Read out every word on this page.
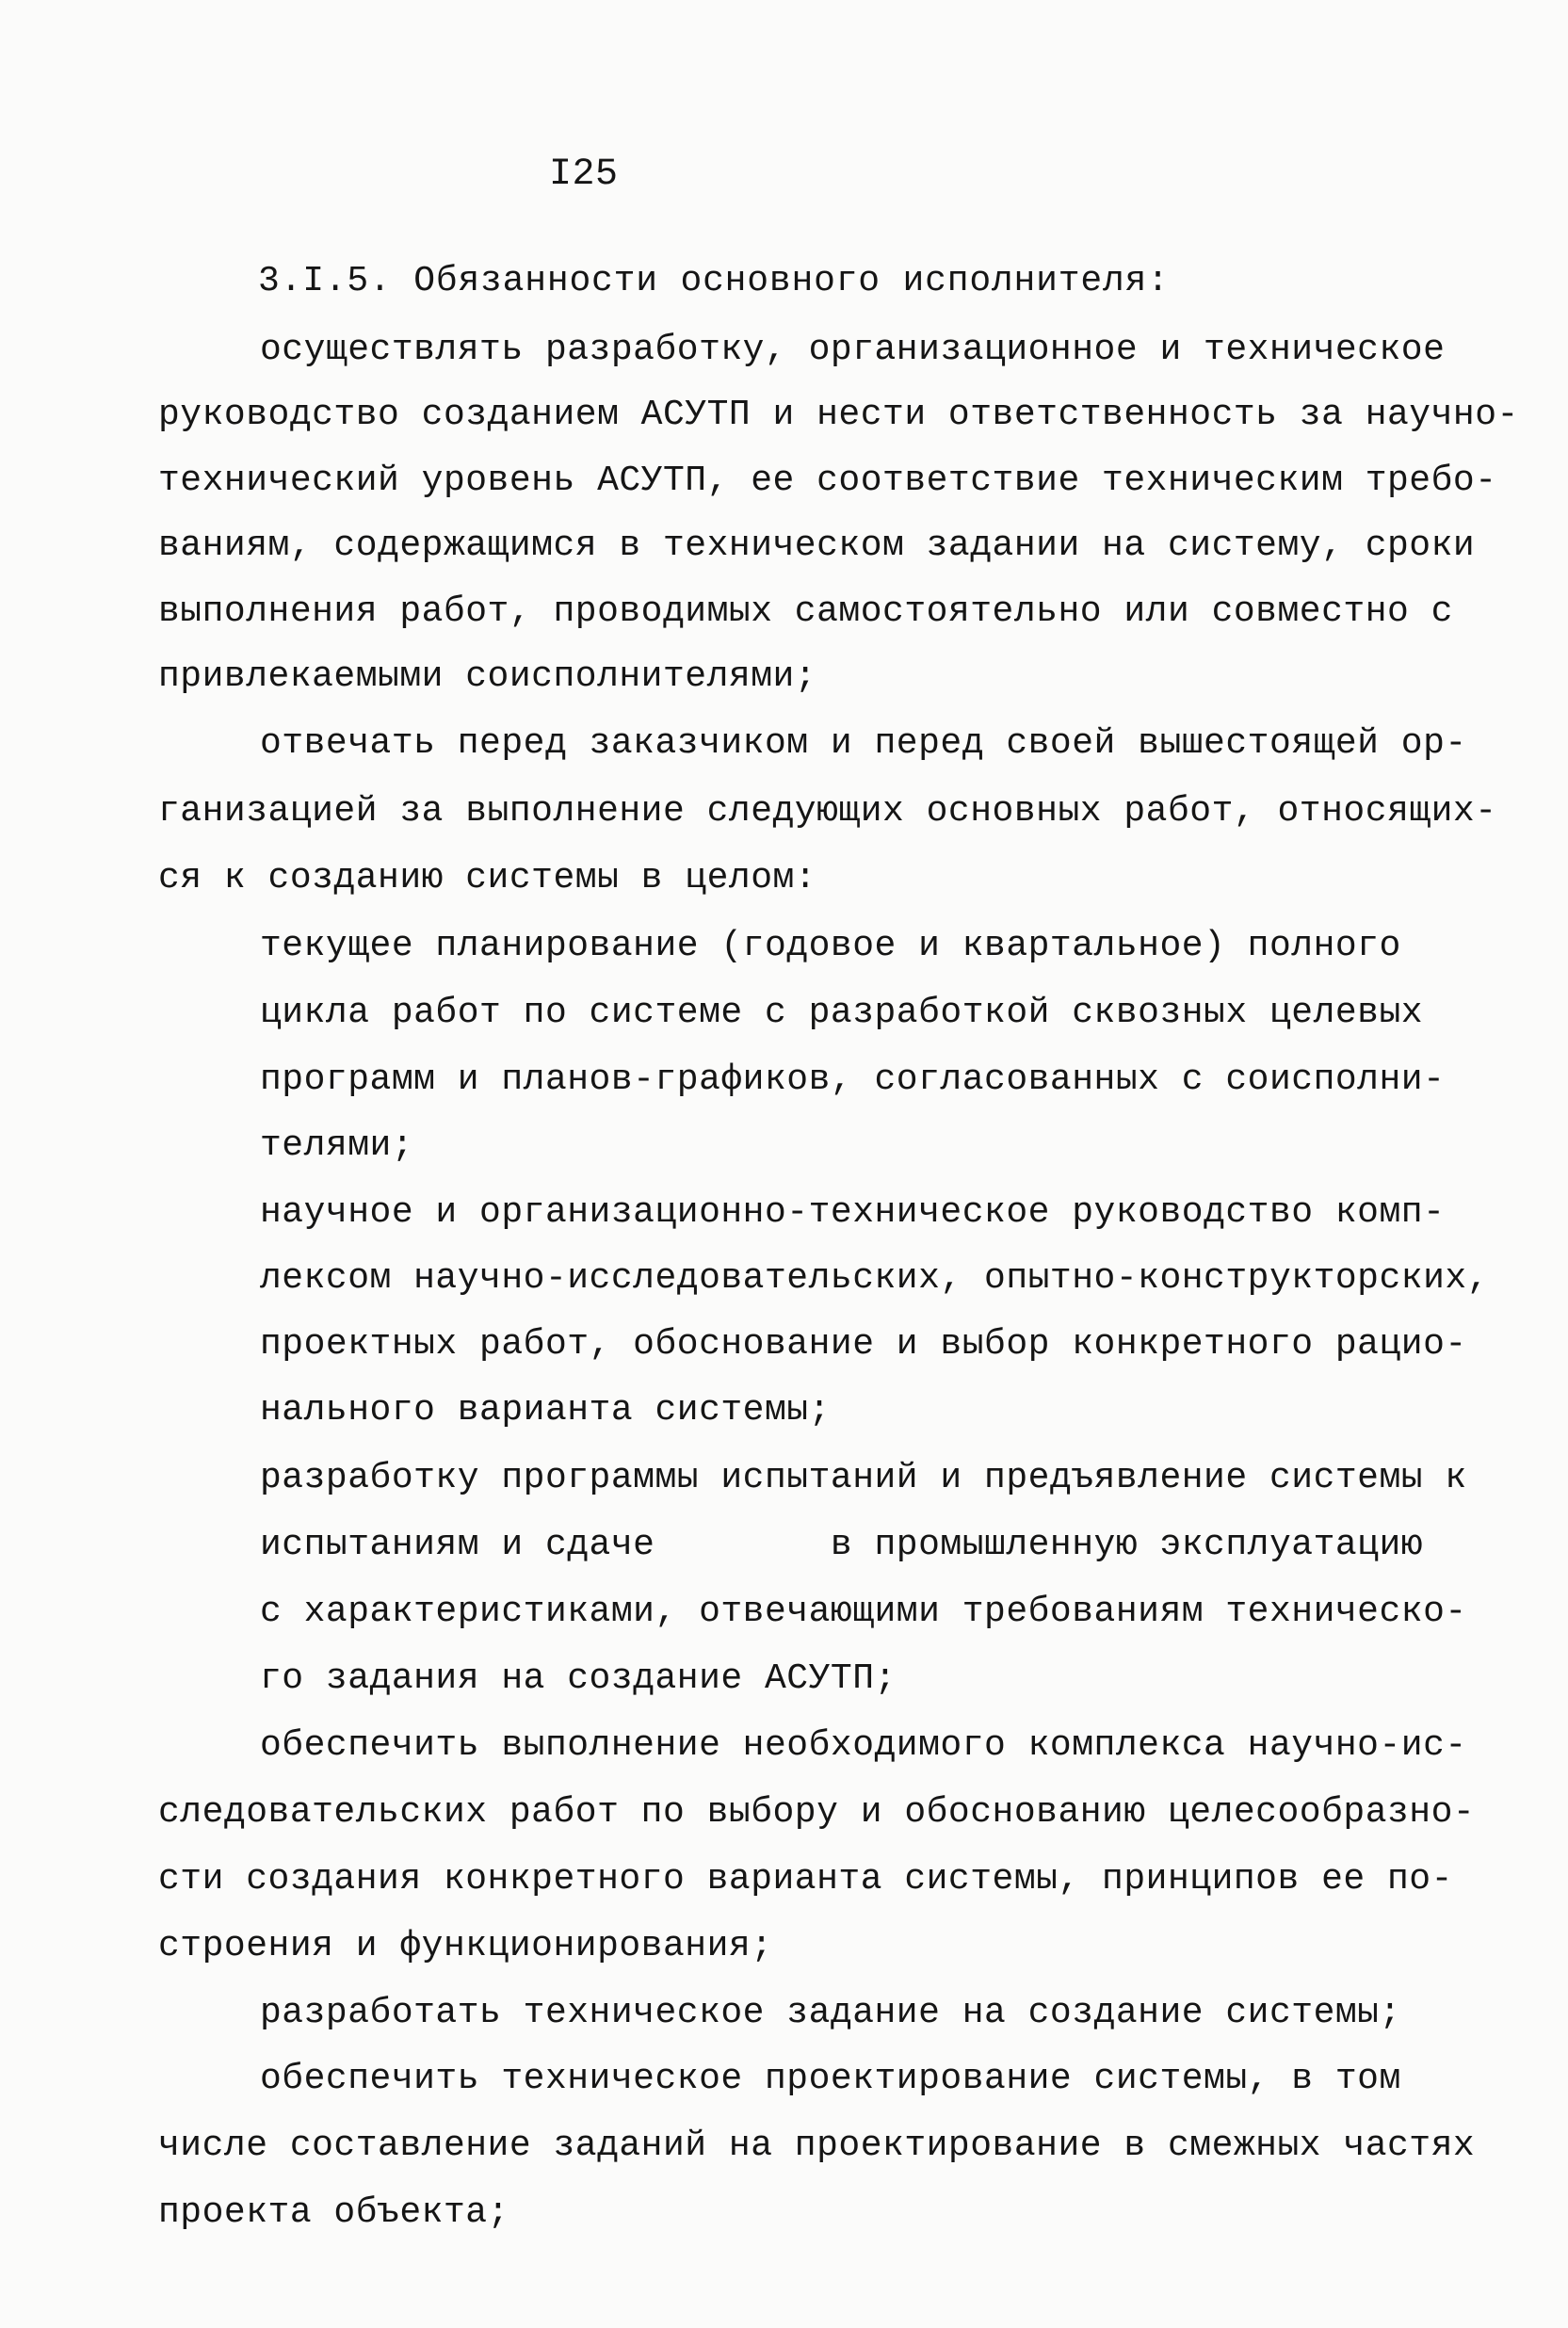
I25
3.I.5. Обязанности основного исполнителя:
осуществлять разработку, организационное и техническое
руководство созданием АСУТП и нести ответственность за научно-
технический уровень АСУТП, ее соответствие техническим требо-
ваниям, содержащимся в техническом задании на систему, сроки
выполнения работ, проводимых самостоятельно или совместно с
привлекаемыми соисполнителями;
отвечать перед заказчиком и перед своей вышестоящей ор-
ганизацией за выполнение следующих основных работ, относящих-
ся к созданию системы в целом:
текущее планирование (годовое и квартальное) полного
цикла работ по системе с разработкой сквозных целевых
программ и планов-графиков, согласованных с соисполни-
телями;
научное и организационно-техническое руководство комп-
лексом научно-исследовательских, опытно-конструкторских,
проектных работ, обоснование и выбор конкретного рацио-
нального варианта системы;
разработку программы испытаний и предъявление системы к
испытаниям и сдаче        в промышленную эксплуатацию
с характеристиками, отвечающими требованиям техническо-
го задания на создание АСУТП;
обеспечить выполнение необходимого комплекса научно-ис-
следовательских работ по выбору и обоснованию целесообразно-
сти создания конкретного варианта системы, принципов ее по-
строения и функционирования;
разработать техническое задание на создание системы;
обеспечить техническое проектирование системы, в том
числе составление заданий на проектирование в смежных частях
проекта объекта;
